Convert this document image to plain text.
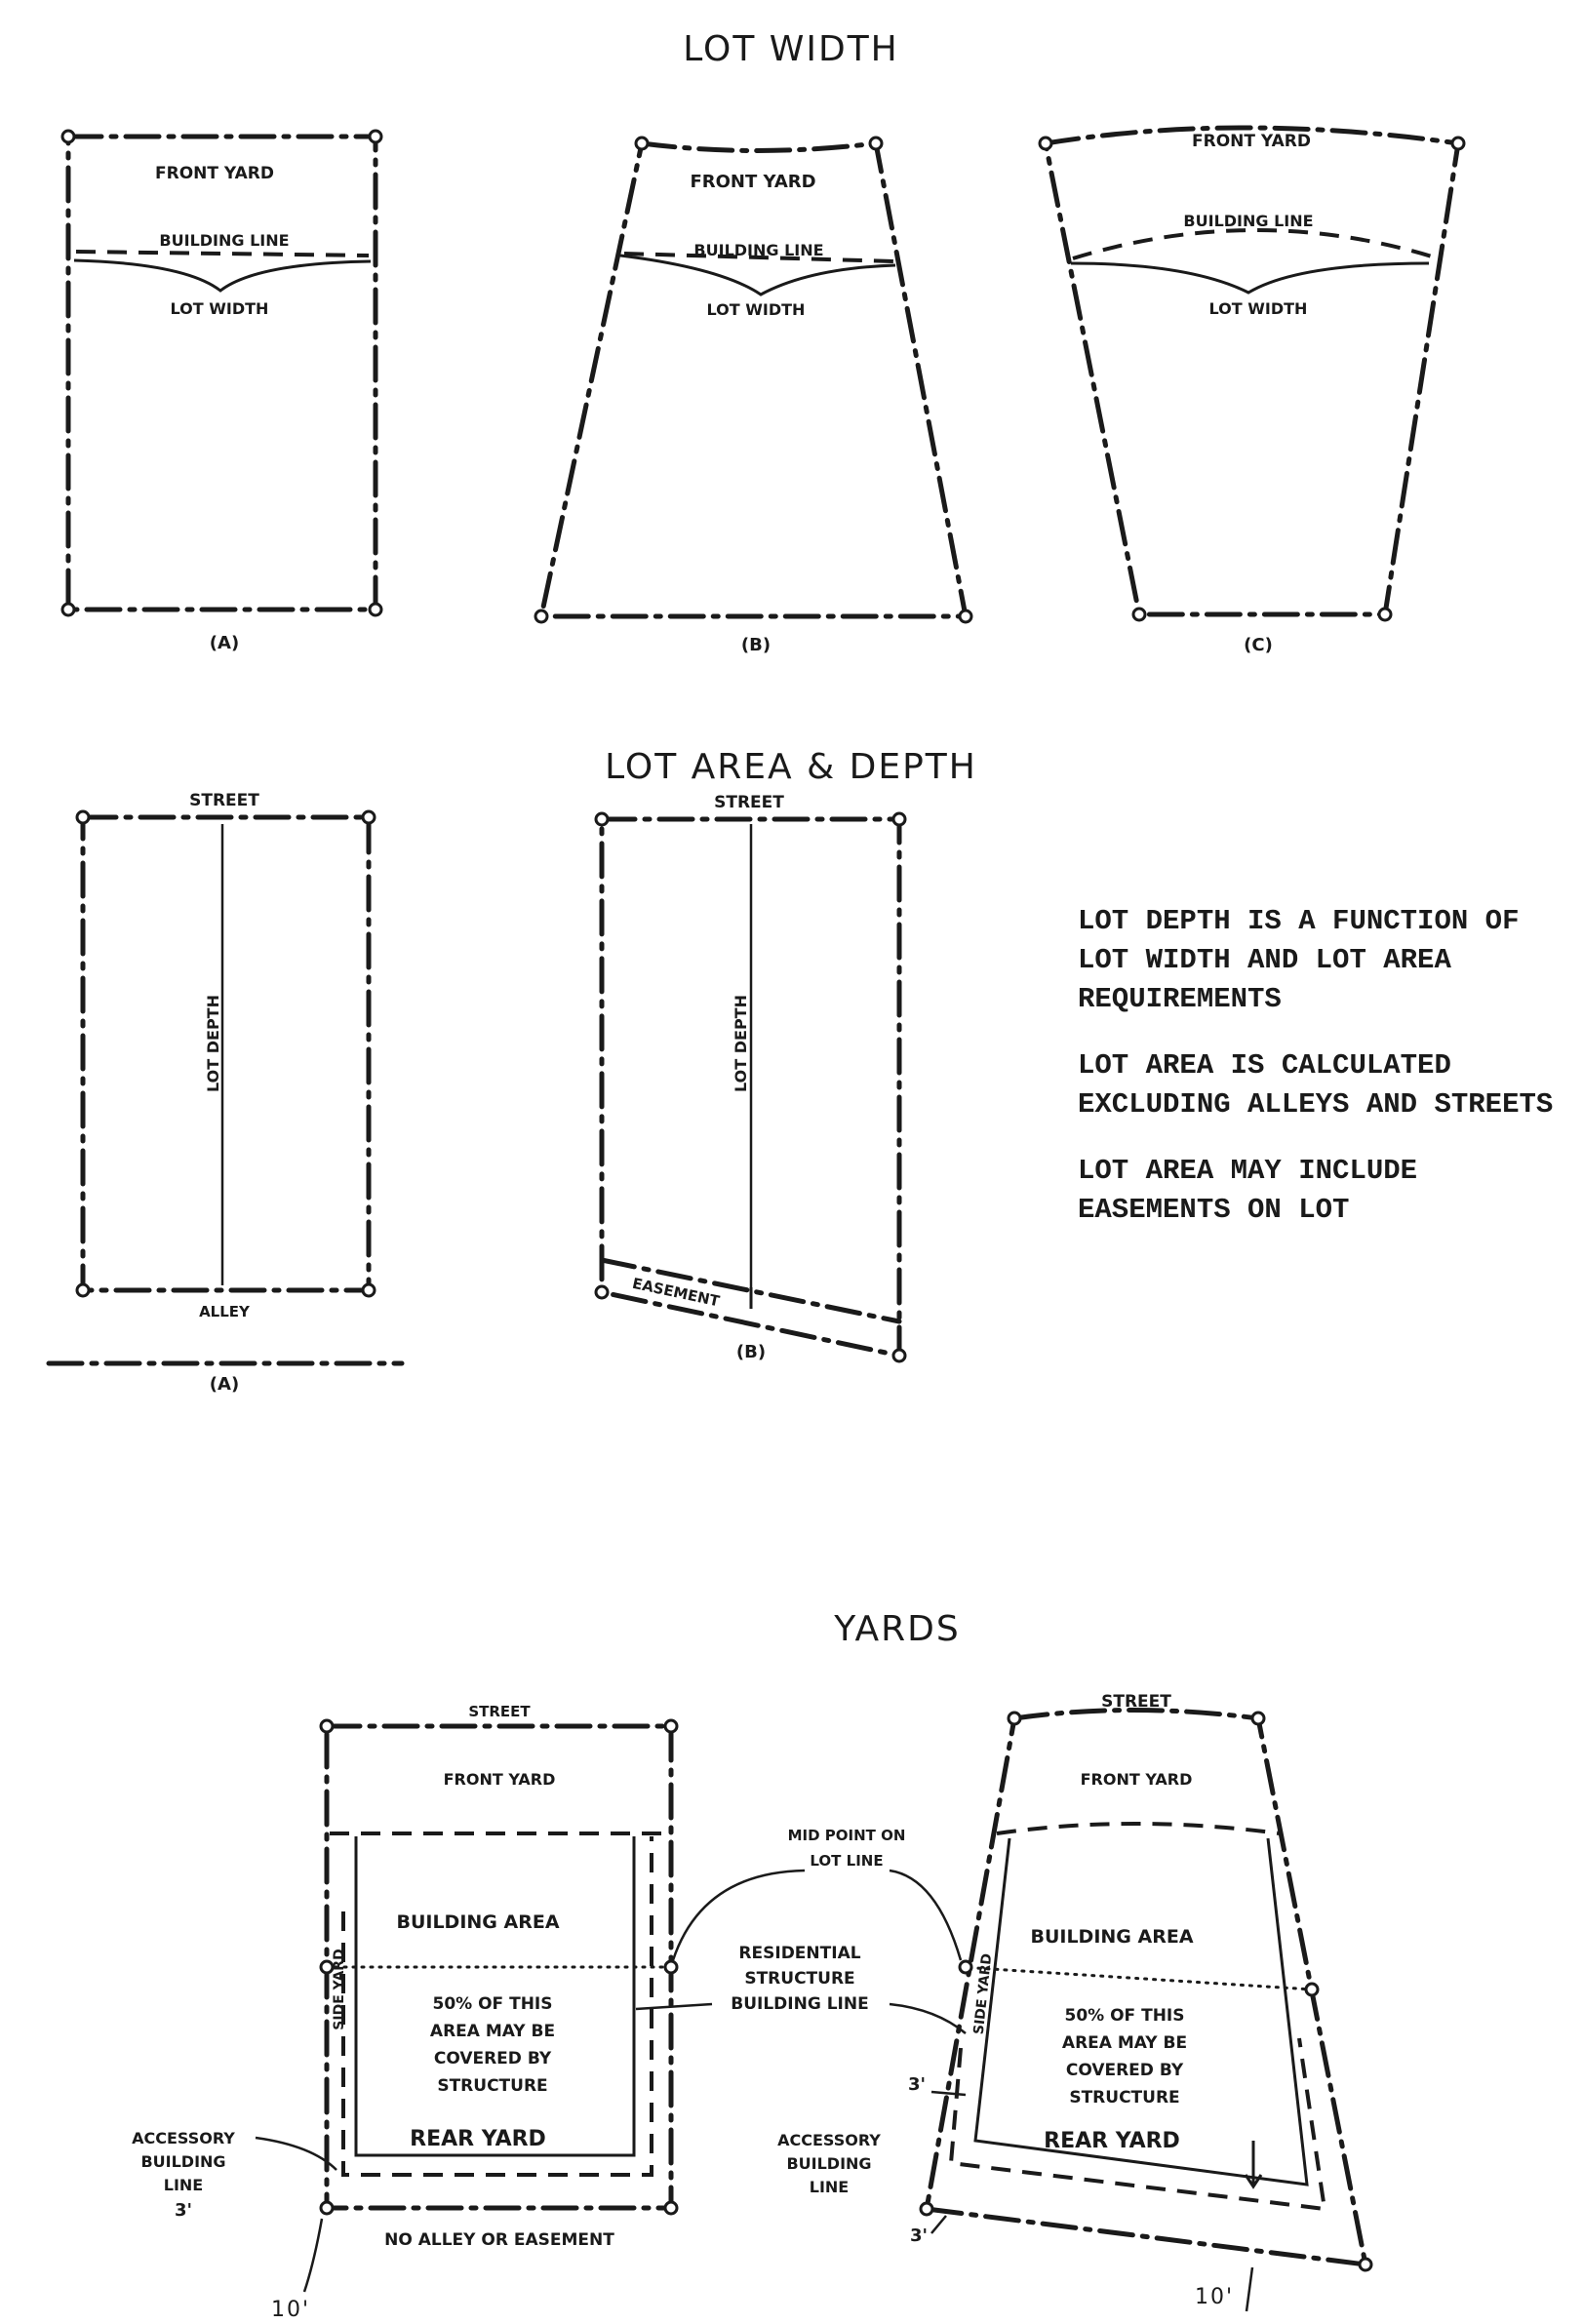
LOT WIDTH
FRONT YARD
BUILDING LINE
LOT WIDTH
(A)
FRONT YARD
BUILDING LINE
LOT WIDTH
(B)
FRONT YARD
BUILDING LINE
LOT WIDTH
(C)
LOT AREA & DEPTH
STREET
LOT DEPTH
ALLEY
(A)
STREET
LOT DEPTH
EASEMENT
(B)
YARDS
STREET
FRONT YARD
BUILDING AREA
SIDE YARD	50% OF THIS
AREA MAY BE
COVERED BY
STRUCTURE
REAR YARD
NO ALLEY OR EASEMENT
ACCESSORY
BUILDING
LINE
3'
10'
MID POINT ON
LOT LINE
RESIDENTIAL
STRUCTURE
BUILDING LINE
STREET
FRONT YARD
BUILDING AREA
SIDE YARD	50% OF THIS
AREA MAY BE
COVERED BY
STRUCTURE
REAR YARD
ACCESSORY
BUILDING
LINE
3'
3'
10'

LOT DEPTH IS A FUNCTION OF LOT WIDTH AND LOT AREA REQUIREMENTS

LOT AREA IS CALCULATED EXCLUDING ALLEYS AND STREETS

LOT AREA MAY INCLUDE EASEMENTS ON LOT
